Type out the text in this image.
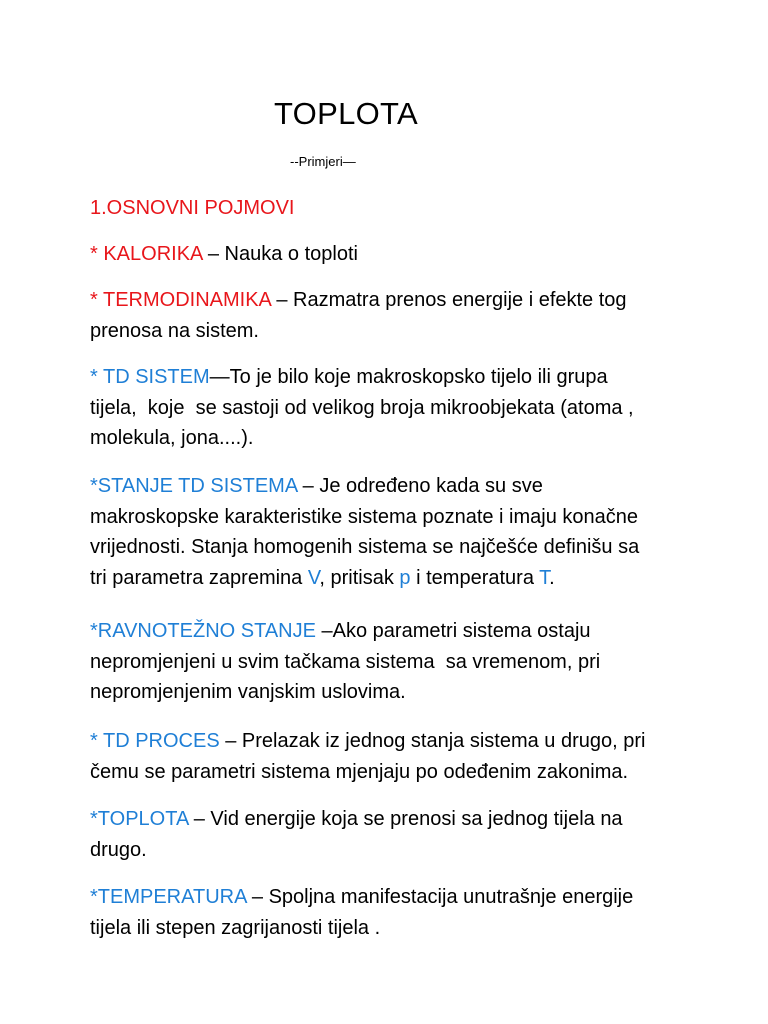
TOPLOTA

--Primjeri—

1.OSNOVNI POJMOVI

* KALORIKA – Nauka o toploti

* TERMODINAMIKA – Razmatra prenos energije i efekte tog
prenosa na sistem.

* TD SISTEM—To je bilo koje makroskopsko tijelo ili grupa
tijela,  koje  se sastoji od velikog broja mikroobjekata (atoma ,
molekula, jona....).

*STANJE TD SISTEMA – Je određeno kada su sve
makroskopske karakteristike sistema poznate i imaju konačne
vrijednosti. Stanja homogenih sistema se najčešće definišu sa
tri parametra zapremina V, pritisak p i temperatura T.

*RAVNOTEŽNO STANJE –Ako parametri sistema ostaju
nepromjenjeni u svim tačkama sistema  sa vremenom, pri
nepromjenjenim vanjskim uslovima.

* TD PROCES – Prelazak iz jednog stanja sistema u drugo, pri
čemu se parametri sistema mjenjaju po odeđenim zakonima.

*TOPLOTA – Vid energije koja se prenosi sa jednog tijela na
drugo.

*TEMPERATURA – Spoljna manifestacija unutrašnje energije
tijela ili stepen zagrijanosti tijela .
